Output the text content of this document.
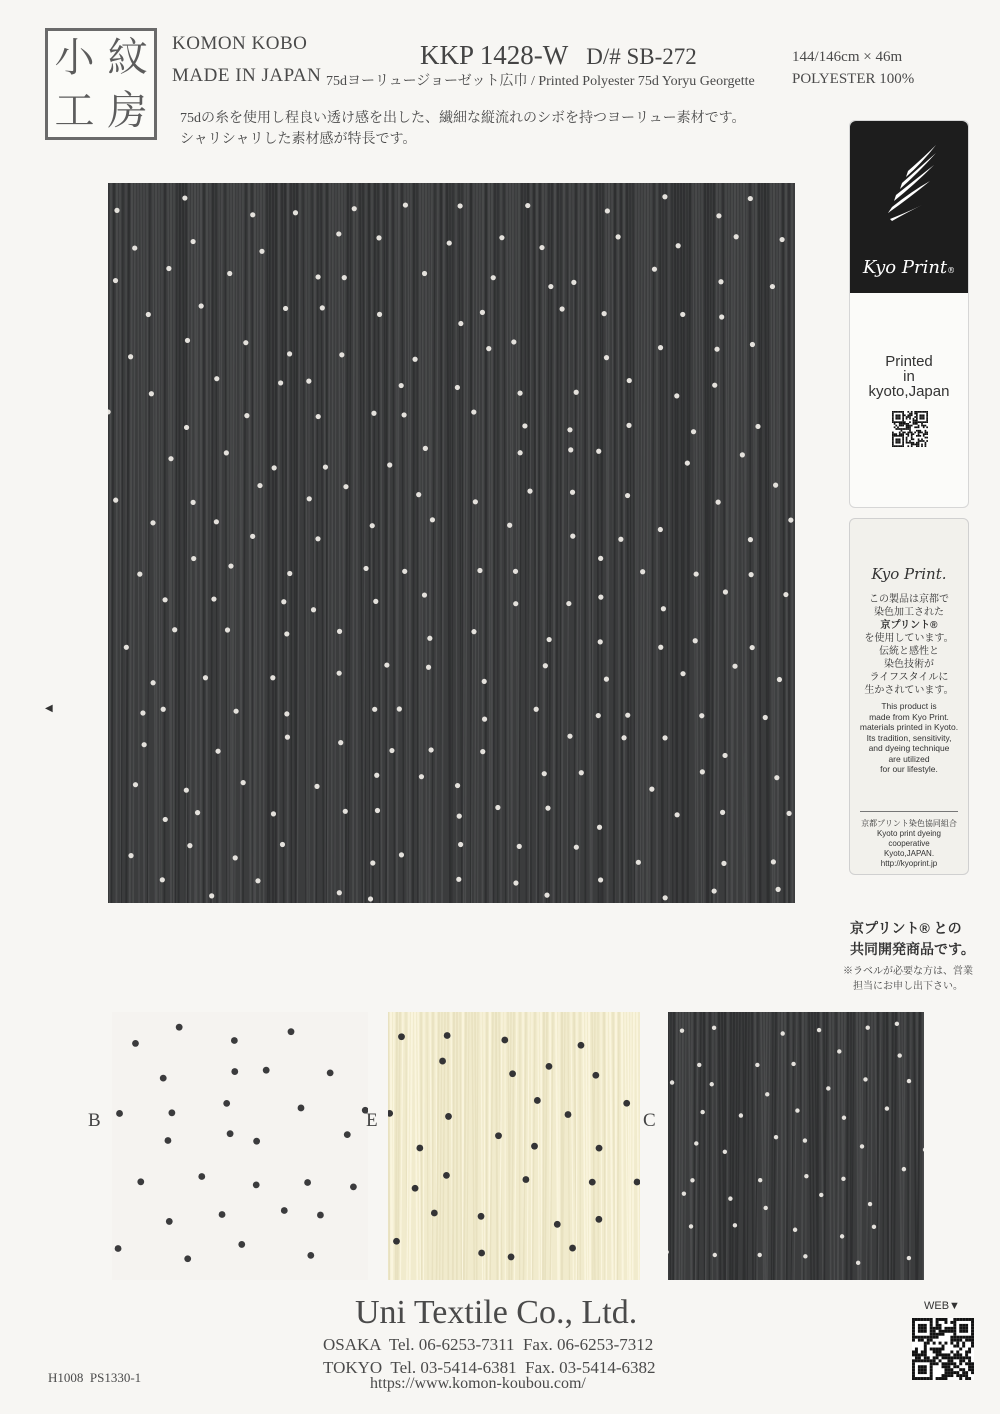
小 紋
工 房
KOMON KOBO
MADE IN JAPAN
KKP 1428-W D/# SB-272
75dヨーリュージョーゼット広巾 / Printed Polyester 75d Yoryu Georgette
144/146cm × 46m
POLYESTER 100%
75dの糸を使用し程良い透け感を出した、繊細な縦流れのシボを持つヨーリュー素材です。
シャリシャリした素材感が特長です。
◀
B	E	C
Kyo Print®
Printed
in
kyoto,Japan
Kyo Print.
この製品は京都で
染色加工された
京プリント®
を使用しています。
伝統と感性と
染色技術が
ライフスタイルに
生かされています。
This product is
made from Kyo Print.
materials printed in Kyoto.
Its tradition, sensitivity,
and dyeing technique
are utilized
for our lifestyle.
京都プリント染色協同組合
Kyoto print dyeing
cooperative
Kyoto,JAPAN.
http://kyoprint.jp
京プリント® との
共同開発商品です。
※ラベルが必要な方は、営業
担当にお申し出下さい。
Uni Textile Co., Ltd.
OSAKA  Tel. 06-6253-7311  Fax. 06-6253-7312
TOKYO  Tel. 03-5414-6381  Fax. 03-5414-6382
https://www.komon-koubou.com/
H1008  PS1330-1
WEB▼
